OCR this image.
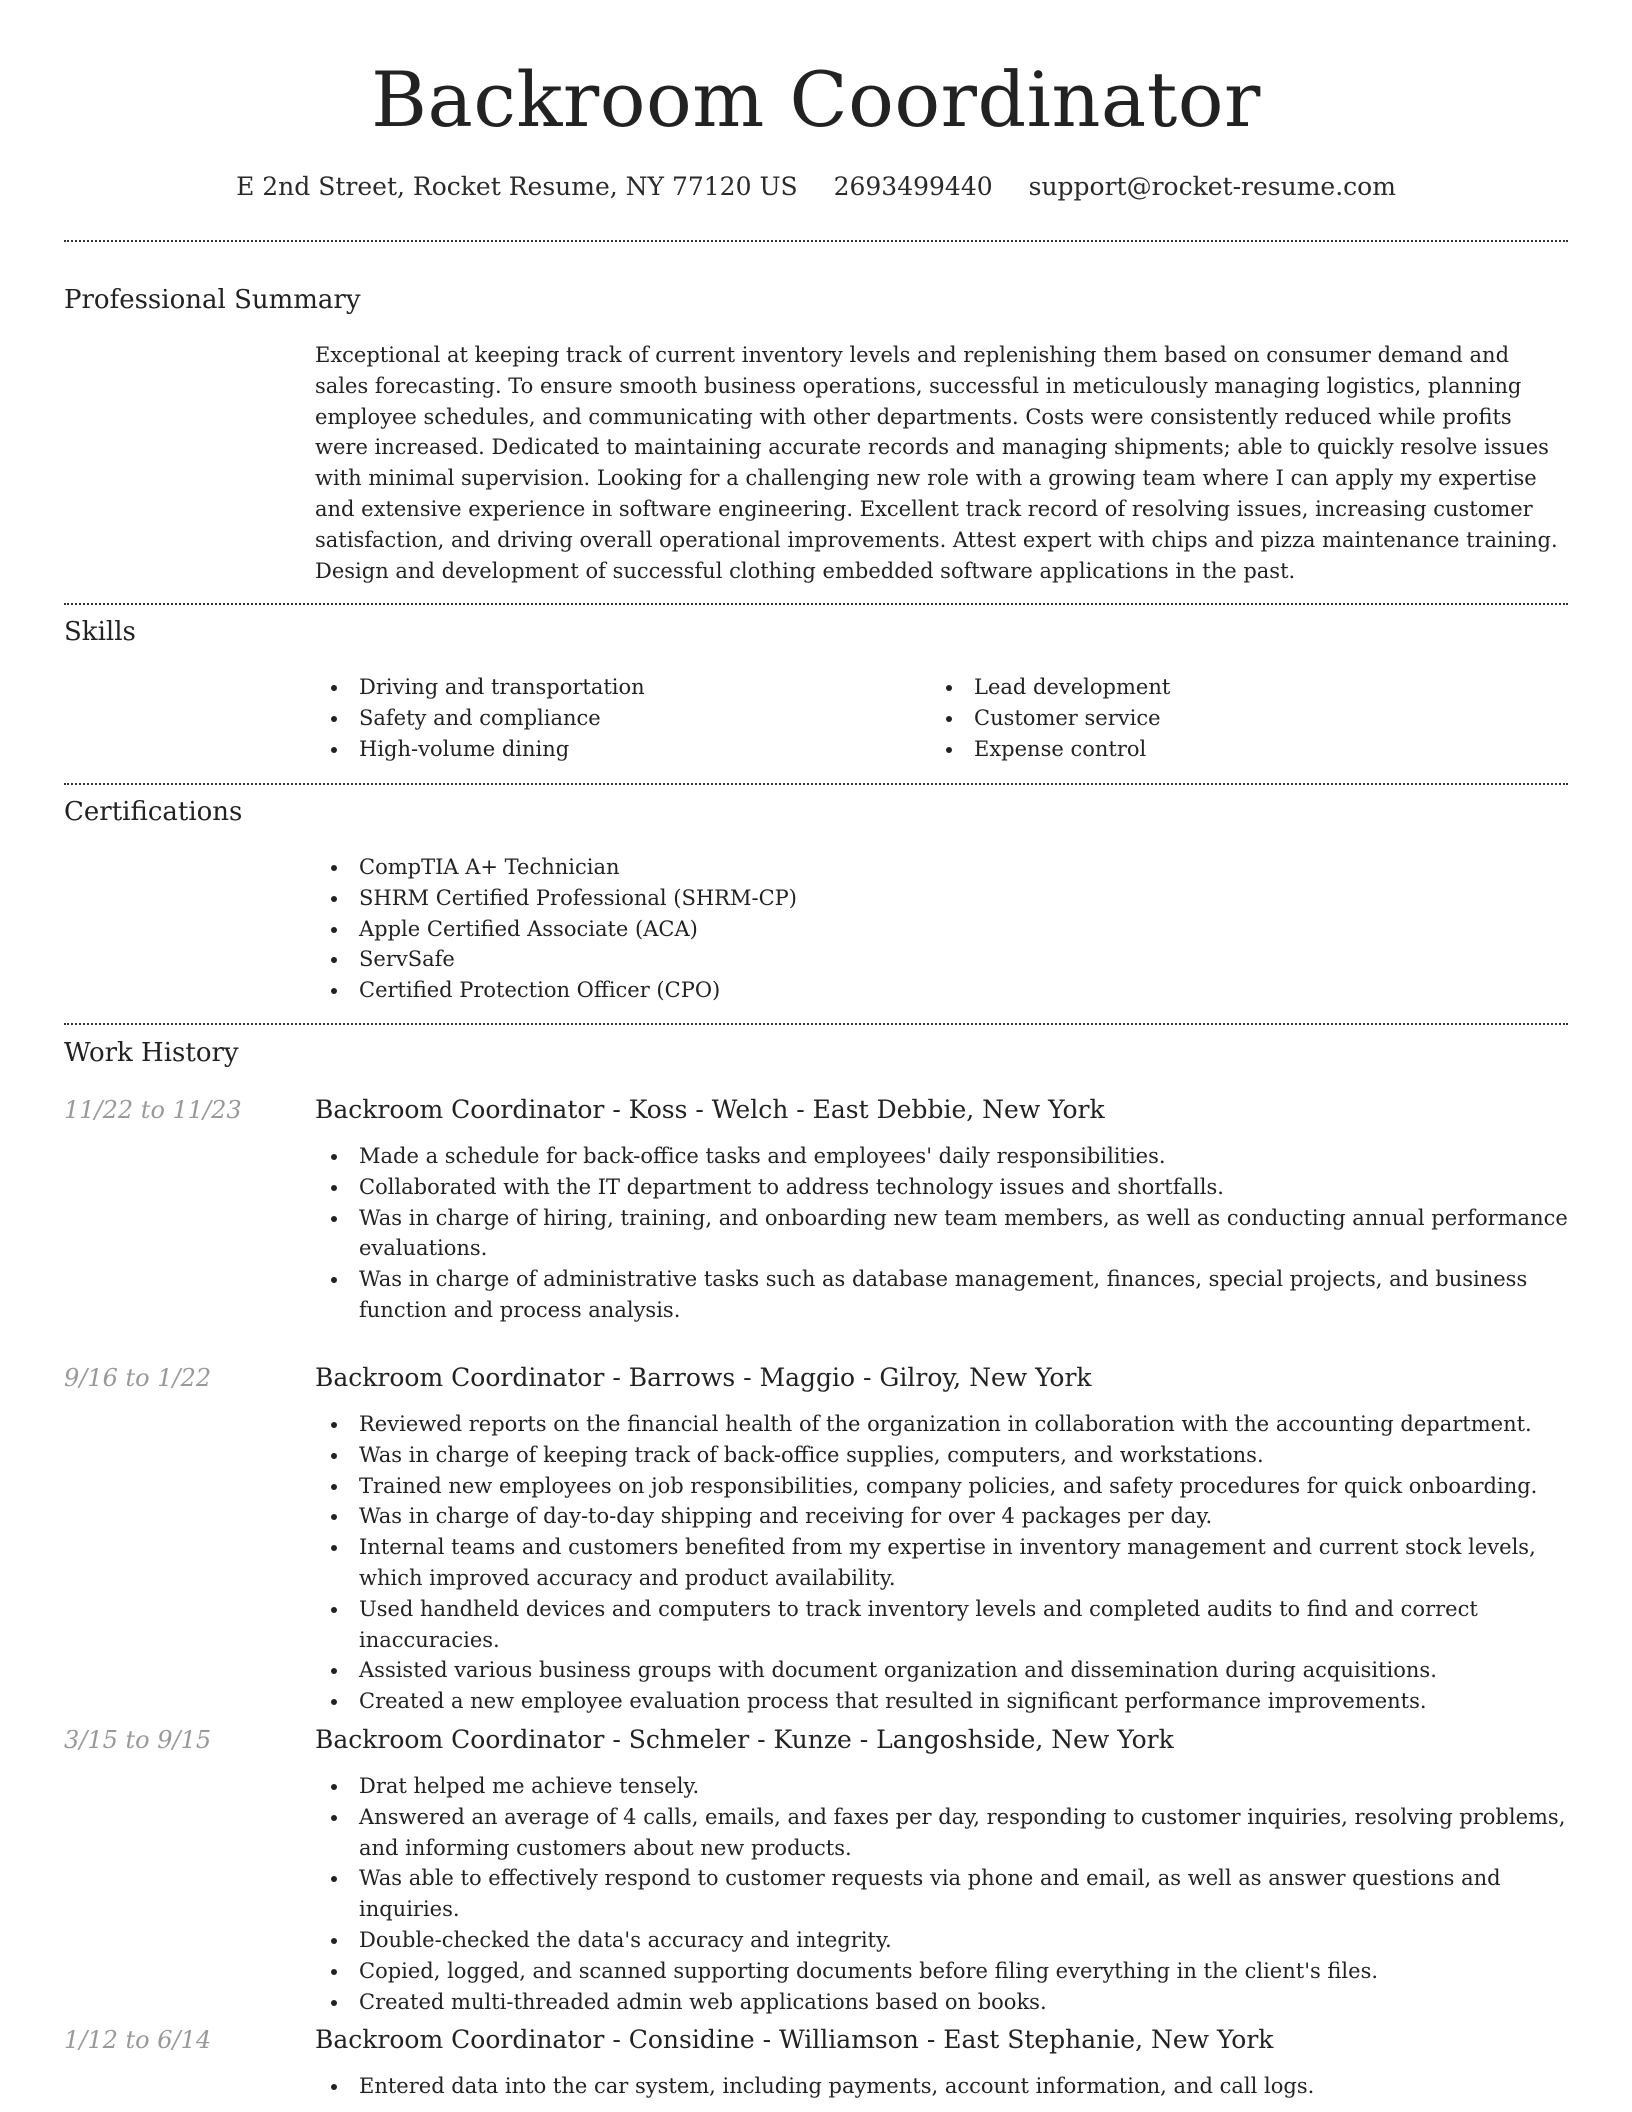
Backroom Coordinator
E 2nd Street, Rocket Resume, NY 77120 US 2693499440 support@rocket-resume.com
Professional Summary

Exceptional at keeping track of current inventory levels and replenishing them based on consumer demand and sales forecasting. To ensure smooth business operations, successful in meticulously managing logistics, planning employee schedules, and communicating with other departments. Costs were consistently reduced while profits were increased. Dedicated to maintaining accurate records and managing shipments; able to quickly resolve issues with minimal supervision. Looking for a challenging new role with a growing team where I can apply my expertise and extensive experience in software engineering. Excellent track record of resolving issues, increasing customer satisfaction, and driving overall operational improvements. Attest expert with chips and pizza maintenance training. Design and development of successful clothing embedded software applications in the past.

Skills
Driving and transportation
Safety and compliance
High-volume dining
Lead development
Customer service
Expense control
Certifications
CompTIA A+ Technician
SHRM Certified Professional (SHRM-CP)
Apple Certified Associate (ACA)
ServSafe
Certified Protection Officer (CPO)
Work History
11/22 to 11/23	Backroom Coordinator - Koss - Welch - East Debbie, New York
Made a schedule for back-office tasks and employees' daily responsibilities.
Collaborated with the IT department to address technology issues and shortfalls.
Was in charge of hiring, training, and onboarding new team members, as well as conducting annual performance evaluations.
Was in charge of administrative tasks such as database management, finances, special projects, and business function and process analysis.
9/16 to 1/22	Backroom Coordinator - Barrows - Maggio - Gilroy, New York
Reviewed reports on the financial health of the organization in collaboration with the accounting department.
Was in charge of keeping track of back-office supplies, computers, and workstations.
Trained new employees on job responsibilities, company policies, and safety procedures for quick onboarding.
Was in charge of day-to-day shipping and receiving for over 4 packages per day.
Internal teams and customers benefited from my expertise in inventory management and current stock levels, which improved accuracy and product availability.
Used handheld devices and computers to track inventory levels and completed audits to find and correct inaccuracies.
Assisted various business groups with document organization and dissemination during acquisitions.
Created a new employee evaluation process that resulted in significant performance improvements.
3/15 to 9/15	Backroom Coordinator - Schmeler - Kunze - Langoshside, New York
Drat helped me achieve tensely.
Answered an average of 4 calls, emails, and faxes per day, responding to customer inquiries, resolving problems, and informing customers about new products.
Was able to effectively respond to customer requests via phone and email, as well as answer questions and inquiries.
Double-checked the data's accuracy and integrity.
Copied, logged, and scanned supporting documents before filing everything in the client's files.
Created multi-threaded admin web applications based on books.
1/12 to 6/14	Backroom Coordinator - Considine - Williamson - East Stephanie, New York
Entered data into the car system, including payments, account information, and call logs.
